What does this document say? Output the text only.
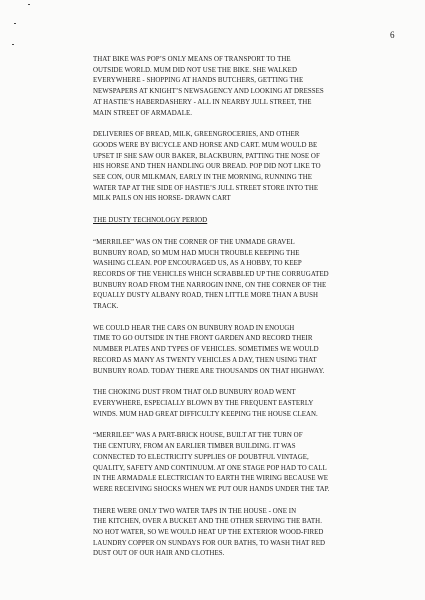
6

THAT BIKE WAS POP’S ONLY MEANS OF TRANSPORT TO THE
OUTSIDE WORLD. MUM DID NOT USE THE BIKE. SHE WALKED
EVERYWHERE - SHOPPING AT HANDS BUTCHERS, GETTING THE
NEWSPAPERS AT KNIGHT’S NEWSAGENCY AND LOOKING AT DRESSES
AT HASTIE’S HABERDASHERY - ALL IN NEARBY JULL STREET, THE
MAIN STREET OF ARMADALE.

DELIVERIES OF BREAD, MILK, GREENGROCERIES, AND OTHER
GOODS WERE BY BICYCLE AND HORSE AND CART. MUM WOULD BE
UPSET IF SHE SAW OUR BAKER, BLACKBURN, PATTING THE NOSE OF
HIS HORSE AND THEN HANDLING OUR BREAD. POP DID NOT LIKE TO
SEE CON, OUR MILKMAN, EARLY IN THE MORNING, RUNNING THE
WATER TAP AT THE SIDE OF HASTIE’S JULL STREET STORE INTO THE
MILK PAILS ON HIS HORSE- DRAWN CART

THE DUSTY TECHNOLOGY PERIOD

“MERRILEE” WAS ON THE CORNER OF THE UNMADE GRAVEL
BUNBURY ROAD, SO MUM HAD MUCH TROUBLE KEEPING THE
WASHING CLEAN. POP ENCOURAGED US, AS A HOBBY, TO KEEP
RECORDS OF THE VEHICLES WHICH SCRABBLED UP THE CORRUGATED
BUNBURY ROAD FROM THE NARROGIN INNE, ON THE CORNER OF THE
EQUALLY DUSTY ALBANY ROAD, THEN LITTLE MORE THAN A BUSH
TRACK.

WE COULD HEAR THE CARS ON BUNBURY ROAD IN ENOUGH
TIME TO GO OUTSIDE IN THE FRONT GARDEN AND RECORD THEIR
NUMBER PLATES AND TYPES OF VEHICLES. SOMETIMES WE WOULD
RECORD AS MANY AS TWENTY VEHICLES A DAY, THEN USING THAT
BUNBURY ROAD. TODAY THERE ARE THOUSANDS ON THAT HIGHWAY.

THE CHOKING DUST FROM THAT OLD BUNBURY ROAD WENT
EVERYWHERE, ESPECIALLY BLOWN BY THE FREQUENT EASTERLY
WINDS. MUM HAD GREAT DIFFICULTY KEEPING THE HOUSE CLEAN.

“MERRILEE” WAS A PART-BRICK HOUSE, BUILT AT THE TURN OF
THE CENTURY, FROM AN EARLIER TIMBER BUILDING. IT WAS
CONNECTED TO ELECTRICITY SUPPLIES OF DOUBTFUL VINTAGE,
QUALITY, SAFETY AND CONTINUUM. AT ONE STAGE POP HAD TO CALL
IN THE ARMADALE ELECTRICIAN TO EARTH THE WIRING BECAUSE WE
WERE RECEIVING SHOCKS WHEN WE PUT OUR HANDS UNDER THE TAP.

THERE WERE ONLY TWO WATER TAPS IN THE HOUSE - ONE IN
THE KITCHEN, OVER A BUCKET AND THE OTHER SERVING THE BATH.
NO HOT WATER, SO WE WOULD HEAT UP THE EXTERIOR WOOD-FIRED
LAUNDRY COPPER ON SUNDAYS FOR OUR BATHS, TO WASH THAT RED
DUST OUT OF OUR HAIR AND CLOTHES.
